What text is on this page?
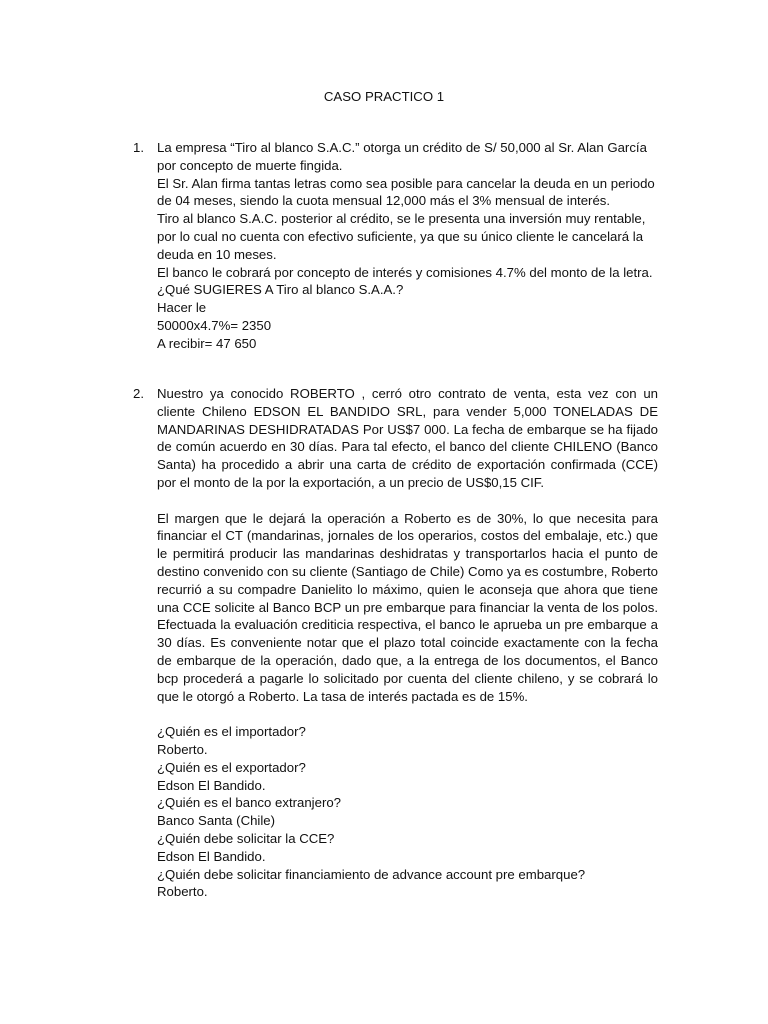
CASO PRACTICO 1
1. La empresa “Tiro al blanco S.A.C.” otorga un crédito de S/ 50,000 al Sr. Alan García por concepto de muerte fingida.

El Sr. Alan firma tantas letras como sea posible para cancelar la deuda en un periodo de 04 meses, siendo la cuota mensual 12,000 más el 3% mensual de interés.

Tiro al blanco S.A.C. posterior al crédito, se le presenta una inversión muy rentable, por lo cual no cuenta con efectivo suficiente, ya que su único cliente le cancelará la deuda en 10 meses.

El banco le cobrará por concepto de interés y comisiones 4.7% del monto de la letra.

¿Qué SUGIERES A Tiro al blanco S.A.A.?

Hacer le

50000x4.7%= 2350

A recibir= 47 650

2. Nuestro ya conocido ROBERTO , cerró otro contrato de venta, esta vez con un cliente Chileno EDSON EL BANDIDO SRL, para vender 5,000 TONELADAS DE MANDARINAS DESHIDRATADAS Por US$7 000. La fecha de embarque se ha fijado de común acuerdo en 30 días. Para tal efecto, el banco del cliente CHILENO (Banco Santa) ha procedido a abrir una carta de crédito de exportación confirmada (CCE) por el monto de la por la exportación, a un precio de US$0,15 CIF.

El margen que le dejará la operación a Roberto es de 30%, lo que necesita para financiar el CT (mandarinas, jornales de los operarios, costos del embalaje, etc.) que le permitirá producir las mandarinas deshidratas y transportarlos hacia el punto de destino convenido con su cliente (Santiago de Chile) Como ya es costumbre, Roberto recurrió a su compadre Danielito lo máximo, quien le aconseja que ahora que tiene una CCE solicite al Banco BCP un pre embarque para financiar la venta de los polos. Efectuada la evaluación crediticia respectiva, el banco le aprueba un pre embarque a 30 días. Es conveniente notar que el plazo total coincide exactamente con la fecha de embarque de la operación, dado que, a la entrega de los documentos, el Banco bcp procederá a pagarle lo solicitado por cuenta del cliente chileno, y se cobrará lo que le otorgó a Roberto. La tasa de interés pactada es de 15%.

¿Quién es el importador?

Roberto.

¿Quién es el exportador?

Edson El Bandido.

¿Quién es el banco extranjero?

Banco Santa (Chile)

¿Quién debe solicitar la CCE?

Edson El Bandido.

¿Quién debe solicitar financiamiento de advance account pre embarque?

Roberto.
